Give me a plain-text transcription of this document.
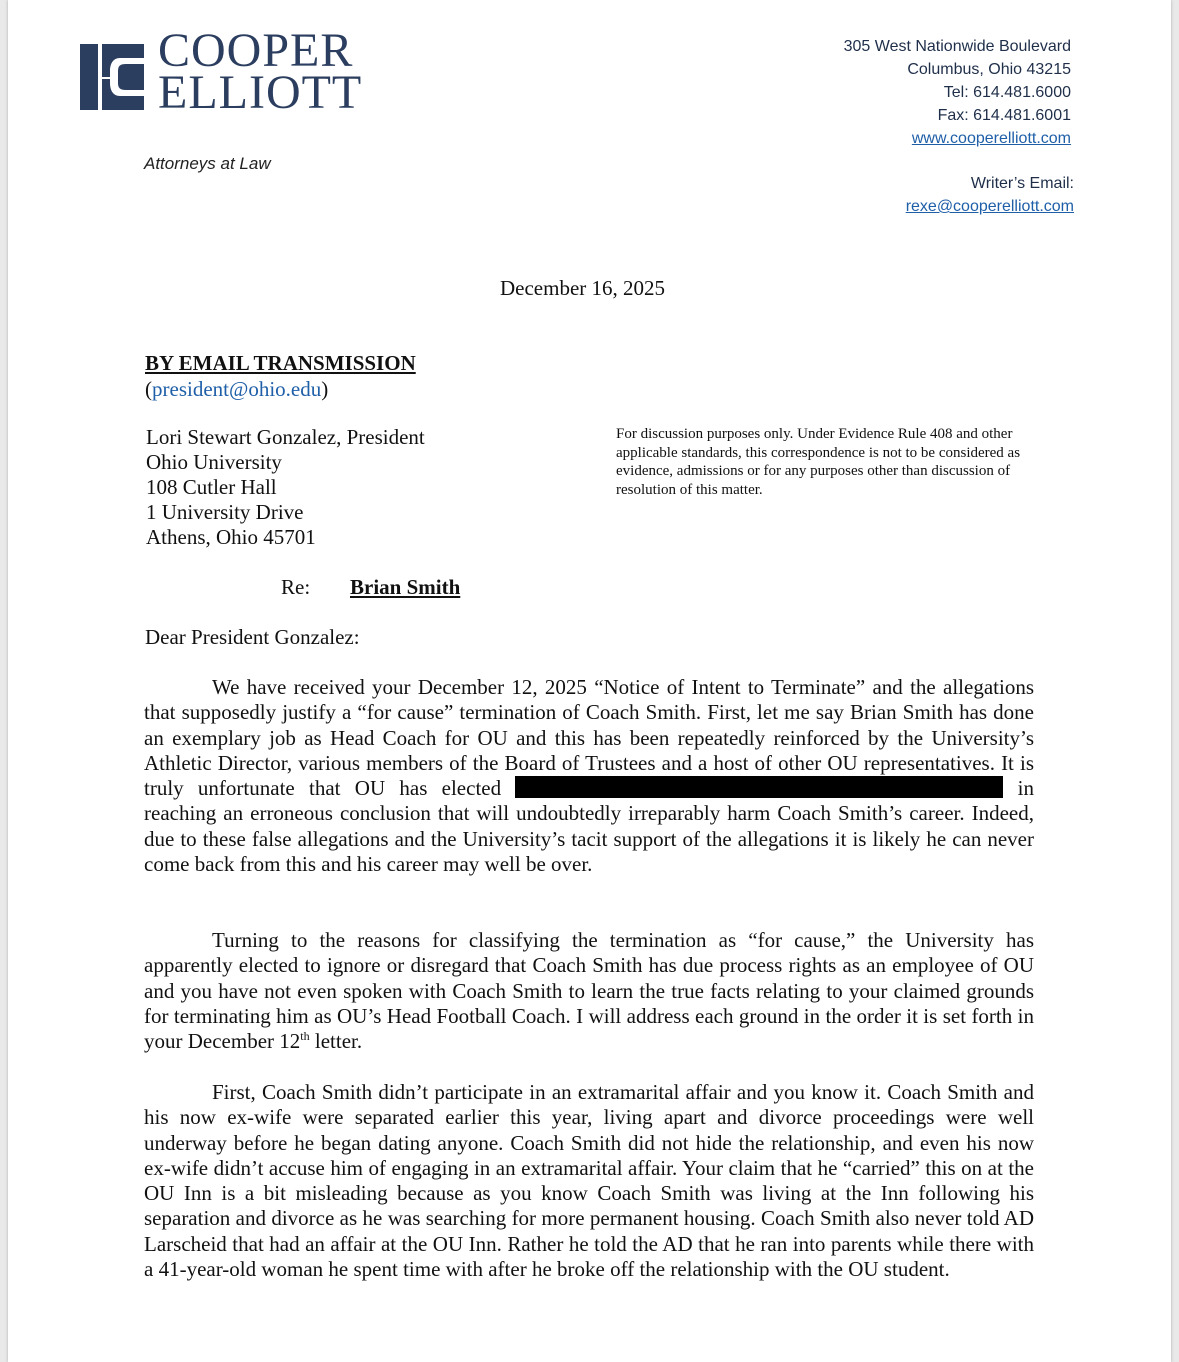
COOPER
ELLIOTT
Attorneys at Law
305 West Nationwide Boulevard
Columbus, Ohio 43215
Tel: 614.481.6000
Fax: 614.481.6001
www.cooperelliott.com
Writer’s Email:
rexe@cooperelliott.com
December 16, 2025
BY EMAIL TRANSMISSION
(president@ohio.edu)
Lori Stewart Gonzalez, President
Ohio University
108 Cutler Hall
1 University Drive
Athens, Ohio 45701
For discussion purposes only. Under Evidence Rule 408 and other applicable standards, this correspondence is not to be considered as evidence, admissions or for any purposes other than discussion of resolution of this matter.
Re: Brian Smith
Dear President Gonzalez:

We have received your December 12, 2025 “Notice of Intent to Terminate” and the allegations that supposedly justify a “for cause” termination of Coach Smith. First, let me say Brian Smith has done an exemplary job as Head Coach for OU and this has been repeatedly reinforced by the University’s Athletic Director, various members of the Board of Trustees and a host of other OU representatives. It is truly unfortunate that OU has elected	in reaching an erroneous conclusion that will undoubtedly irreparably harm Coach Smith’s career. Indeed, due to these false allegations and the University’s tacit support of the allegations it is likely he can never come back from this and his career may well be over.

Turning to the reasons for classifying the termination as “for cause,” the University has apparently elected to ignore or disregard that Coach Smith has due process rights as an employee of OU and you have not even spoken with Coach Smith to learn the true facts relating to your claimed grounds for terminating him as OU’s Head Football Coach. I will address each ground in the order it is set forth in your December 12th letter.

First, Coach Smith didn’t participate in an extramarital affair and you know it. Coach Smith and his now ex-wife were separated earlier this year, living apart and divorce proceedings were well underway before he began dating anyone. Coach Smith did not hide the relationship, and even his now ex-wife didn’t accuse him of engaging in an extramarital affair. Your claim that he “carried” this on at the OU Inn is a bit misleading because as you know Coach Smith was living at the Inn following his separation and divorce as he was searching for more permanent housing. Coach Smith also never told AD Larscheid that had an affair at the OU Inn. Rather he told the AD that he ran into parents while there with a 41-year-old woman he spent time with after he broke off the relationship with the OU student.
